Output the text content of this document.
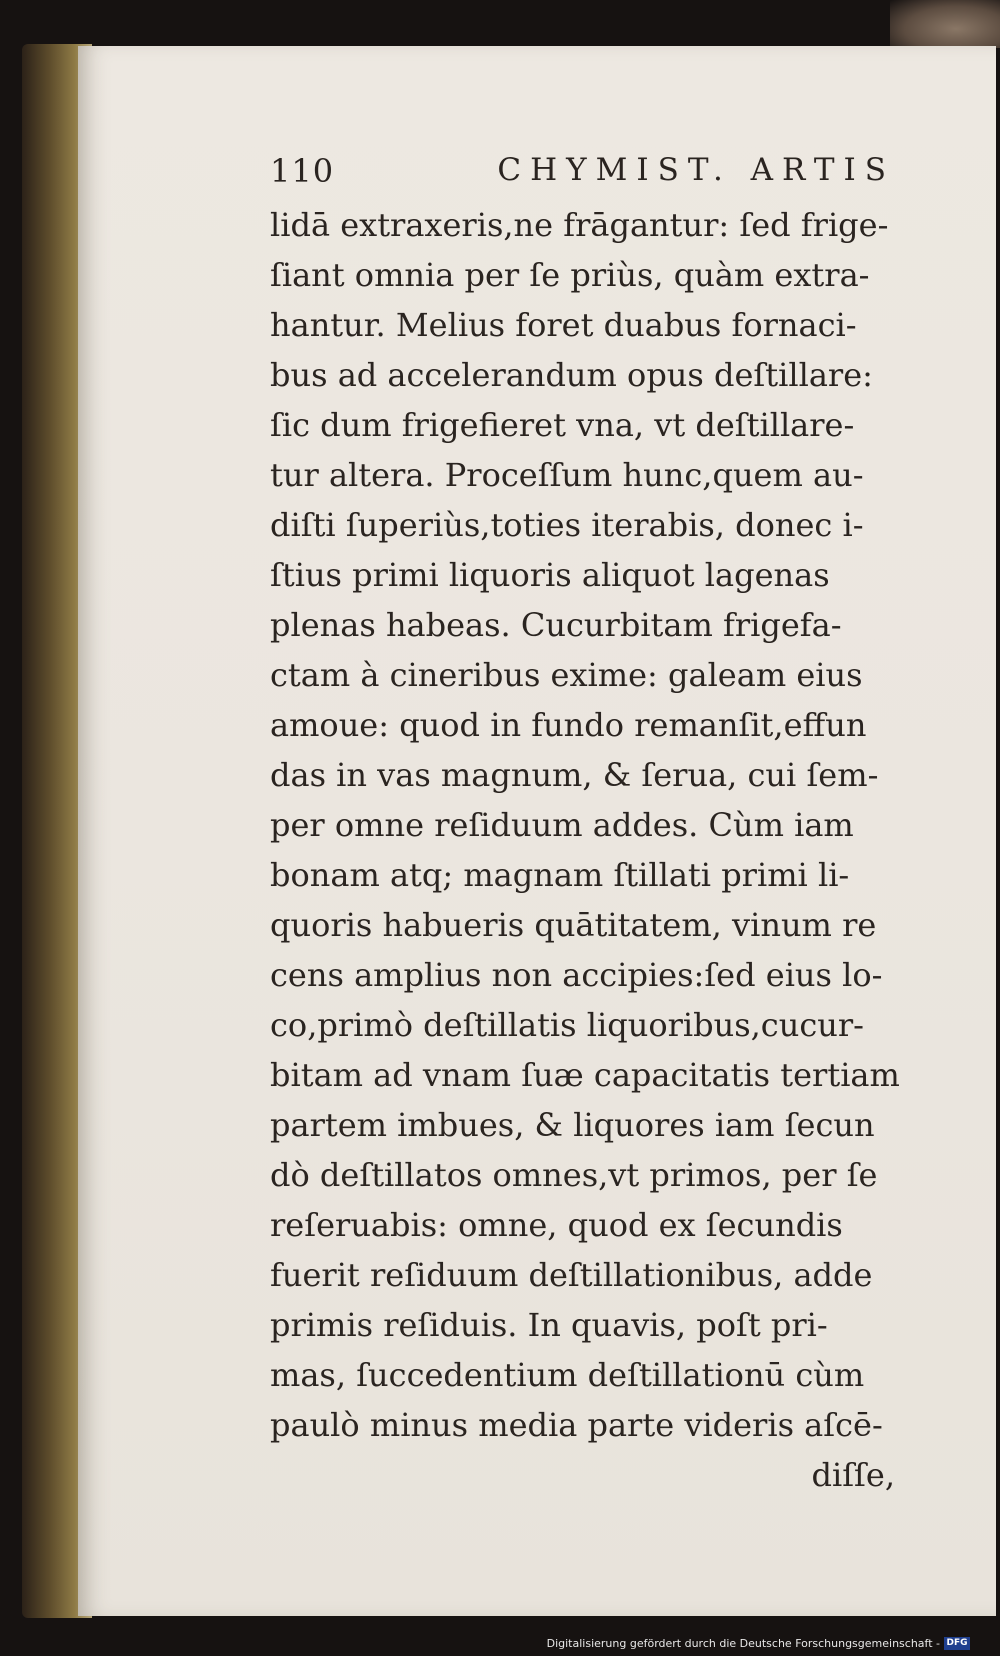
110	CHYMIST. ARTIS
lidā extraxeris,ne frāgantur: ſed frige-
ſiant omnia per ſe priùs, quàm extra-
hantur. Melius foret duabus fornaci-
bus ad accelerandum opus deſtillare:
ſic dum frigefieret vna, vt deſtillare-
tur altera. Proceſſum hunc,quem au-
diſti ſuperiùs,toties iterabis, donec i-
ſtius primi liquoris aliquot lagenas
plenas habeas. Cucurbitam frigefa-
ctam à cineribus exime: galeam eius
amoue: quod in fundo remanſit,effun
das in vas magnum, & ſerua, cui ſem-
per omne reſiduum addes. Cùm iam
bonam atq; magnam ſtillati primi li-
quoris habueris quātitatem, vinum re
cens amplius non accipies:ſed eius lo-
co,primò deſtillatis liquoribus,cucur-
bitam ad vnam ſuæ capacitatis tertiam
partem imbues, & liquores iam ſecun
dò deſtillatos omnes,vt primos, per ſe
reſeruabis: omne, quod ex ſecundis
fuerit reſiduum deſtillationibus, adde
primis reſiduis. In quavis, poſt pri-
mas, ſuccedentium deſtillationū cùm
paulò minus media parte videris aſcē-
diſſe,
Digitalisierung gefördert durch die Deutsche Forschungsgemeinschaft - DFG
